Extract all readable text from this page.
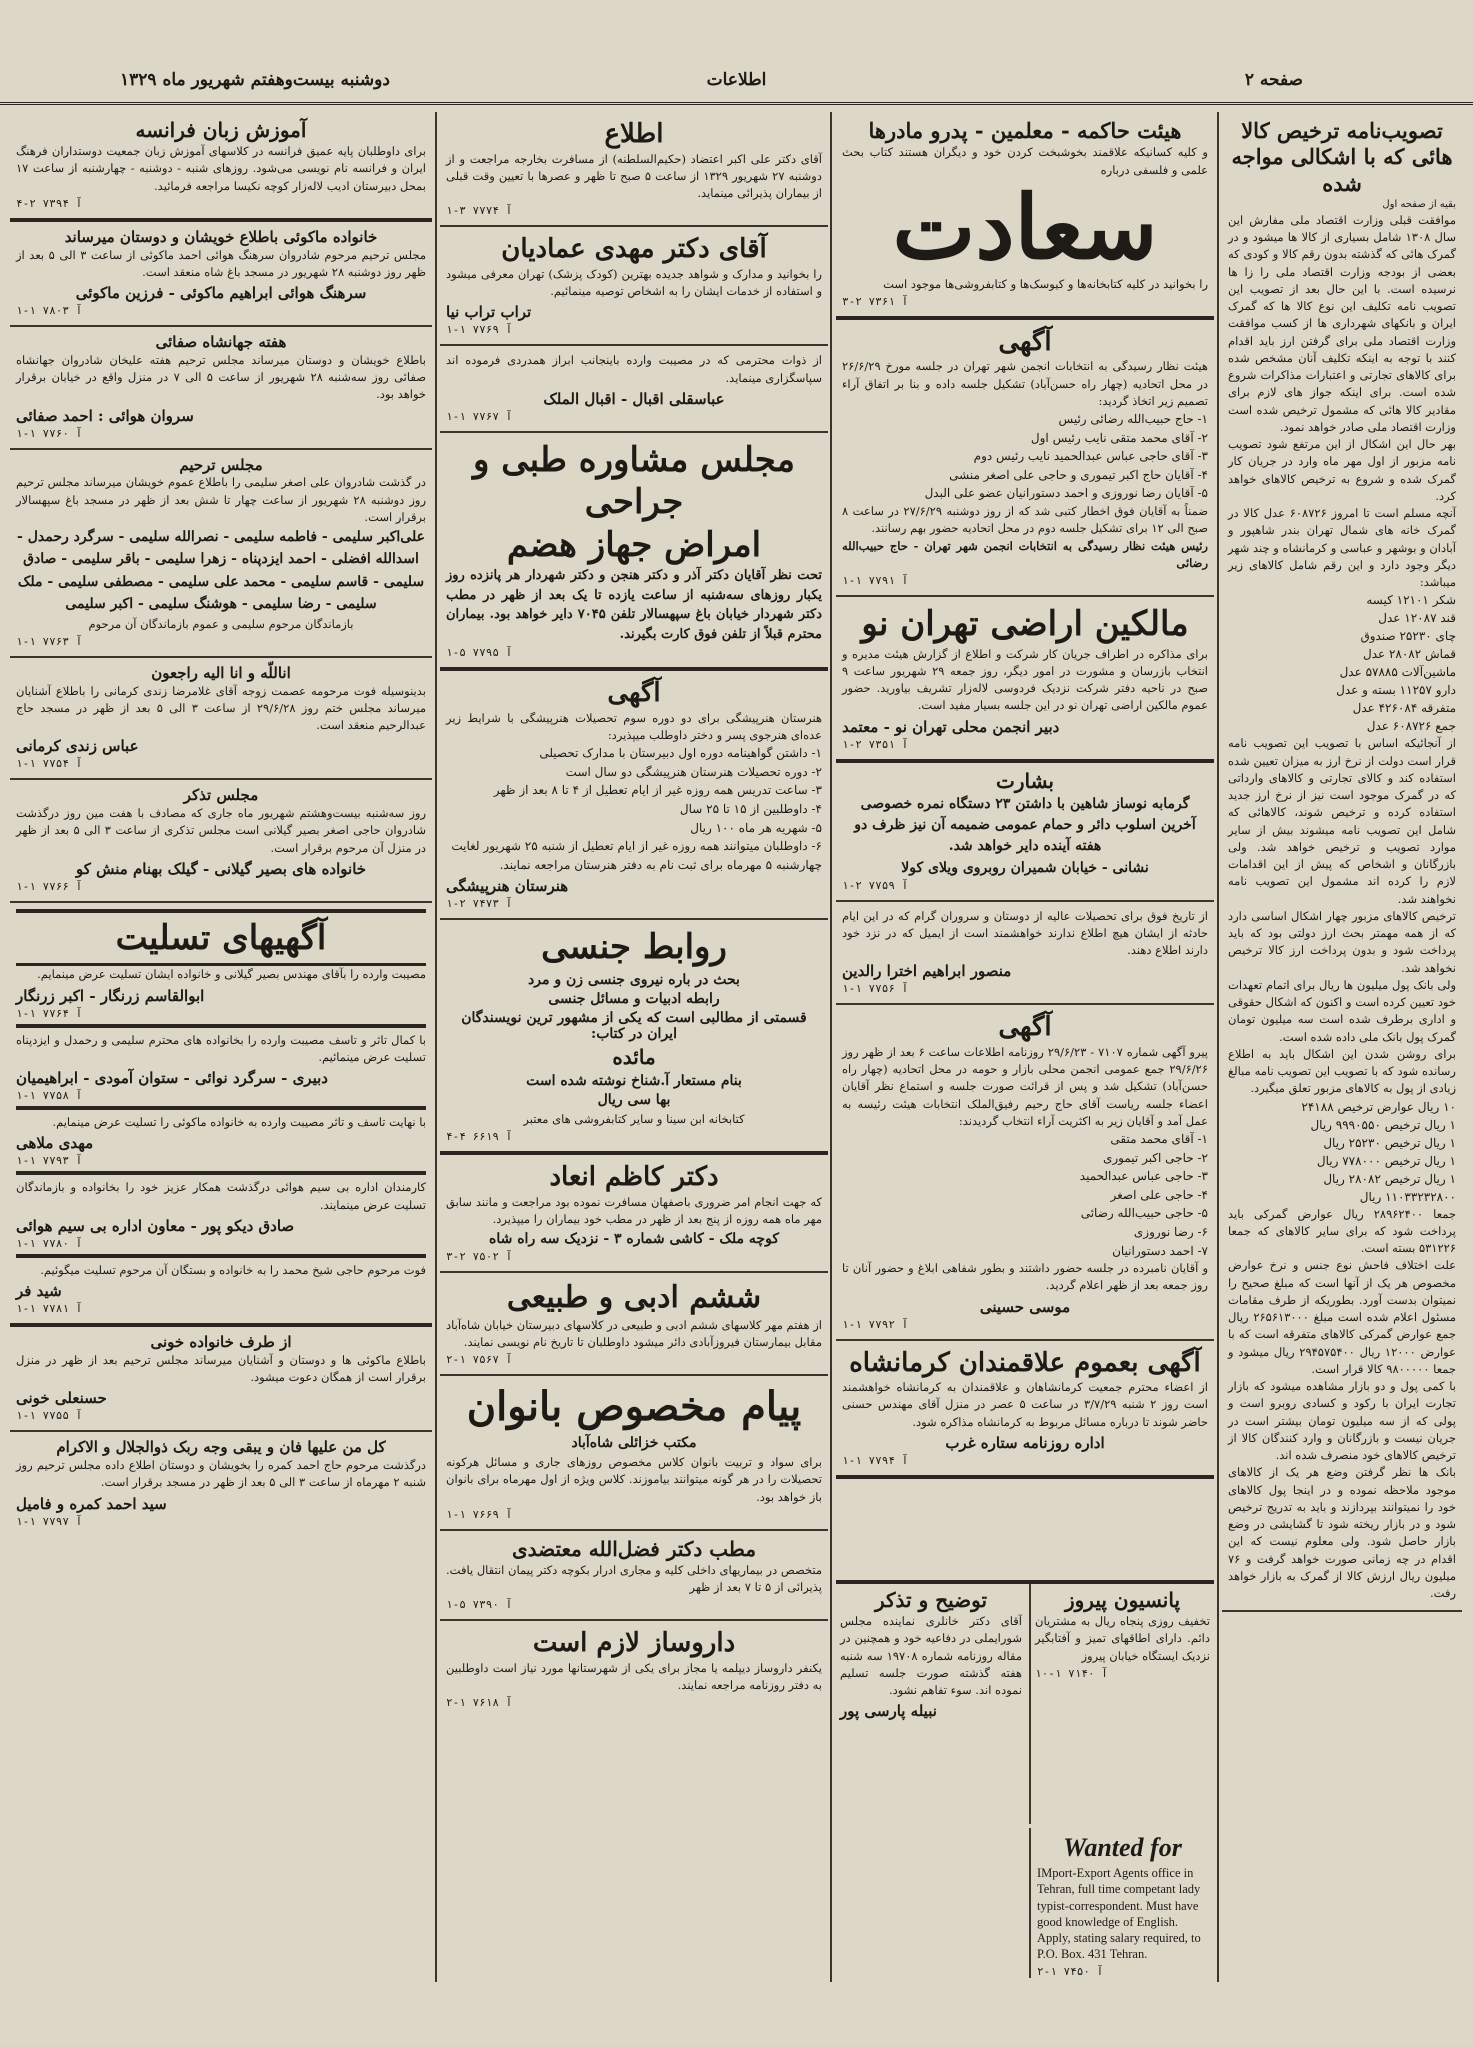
صفحه ۲
اطلاعات
دوشنبه بیست‌وهفتم شهریور ماه ۱۳۲۹
تصویب‌نامه ترخیص کالا
هائی که با اشکالی مواجه شده
بقیه از صفحه اول
موافقت قبلی وزارت اقتصاد ملی مفارش این سال ۱۳۰۸ شامل بسیاری از کالا ها میشود و در گمرک هائی که گذشته بدون رقم کالا و کودی که بعضی از بودجه وزارت اقتصاد ملی را زا ها نرسیده است. با این حال بعد از تصویب این تصویب نامه تکلیف این نوع کالا ها که گمرک ایران و بانکهای شهرداری ها از کسب موافقت وزارت اقتصاد ملی برای گرفتن ارز باید اقدام کنند با توجه به اینکه تکلیف آنان مشخص شده برای کالاهای تجارتی و اعتبارات مذاکرات شروع شده است. برای اینکه جواز های لازم برای مقادیر کالا هائی که مشمول ترخیص شده است وزارت اقتصاد ملی صادر خواهد نمود.
بهر حال این اشکال از این مرتفع شود تصویب نامه مزبور از اول مهر ماه وارد در جریان کار گمرک شده و شروع به ترخیص کالاهای خواهد کرد.
آنچه مسلم است تا امروز ۶۰۸۷۲۶ عدل کالا در گمرک خانه های شمال تهران بندر شاهپور و آبادان و بوشهر و عباسی و کرمانشاه و چند شهر دیگر وجود دارد و این رقم شامل کالاهای زیر میباشد:
شکر ۱۲۱۰۱ کیسه
قند ۱۲۰۸۷ عدل
چای ۲۵۲۳۰ صندوق
قماش ۲۸۰۸۲ عدل
ماشین‌آلات ۵۷۸۸۵ عدل
دارو ۱۱۲۵۷ بسته و عدل
متفرقه ۴۲۶۰۸۴ عدل
جمع ۶۰۸۷۲۶ عدل
از آنجائیکه اساس با تصویب این تصویب نامه قرار است دولت از نرخ ارز به میزان تعیین شده استفاده کند و کالای تجارتی و کالاهای وارداتی که در گمرک موجود است نیز از نرخ ارز جدید استفاده کرده و ترخیص شوند، کالاهائی که شامل این تصویب نامه میشوند بیش از سایر موارد تصویب و ترخیص خواهد شد. ولی بازرگانان و اشخاص که پیش از این اقدامات لازم را کرده اند مشمول این تصویب نامه نخواهند شد.
ترخیص کالاهای مزبور چهار اشکال اساسی دارد که از همه مهمتر بحث ارز دولتی بود که باید پرداخت شود و بدون پرداخت ارز کالا ترخیص نخواهد شد.
ولی بانک پول میلیون ها ریال برای اتمام تعهدات خود تعیین کرده است و اکنون که اشکال حقوقی و اداری برطرف شده است سه میلیون تومان گمرک پول بانک ملی داده شده است.
برای روشن شدن این اشکال باید به اطلاع رسانده شود که با تصویب این تصویب نامه مبالغ زیادی از پول به کالاهای مزبور تعلق میگیرد.
۱۰ ریال عوارض ترخیص ۲۴۱۸۸
۱ ریال ترخیص ۹۹۹۰۵۵۰ ریال
۱ ریال ترخیص ۲۵۲۳۰ ریال
۱ ریال ترخیص ۷۷۸۰۰۰ ریال
۱ ریال ترخیص ۲۸۰۸۲ ریال
۱۱۰۳۳۲۳۲۸۰۰ ریال
جمعا ۲۸۹۶۲۴۰۰ ریال عوارض گمرکی باید پرداخت شود که برای سایر کالاهای که جمعا ۵۳۱۲۲۶ بسته است.
علت اختلاف فاحش نوع جنس و نرخ عوارض مخصوص هر یک از آنها است که مبلغ صحیح را نمیتوان بدست آورد. بطوریکه از طرف مقامات مسئول اعلام شده است مبلغ ۲۶۵۶۱۳۰۰۰ ریال جمع عوارض گمرکی کالاهای متفرقه است که با عوارض ۱۲۰۰۰ ریال ۲۹۴۵۷۵۴۰۰ ریال میشود و جمعا ۹۸۰۰۰۰۰ کالا قرار است.
با کمی پول و دو بازار مشاهده میشود که بازار تجارت ایران با رکود و کسادی روبرو است و پولی که از سه میلیون تومان بیشتر است در جریان نیست و بازرگانان و وارد کنندگان کالا از ترخیص کالاهای خود منصرف شده اند.
بانک ها نظر گرفتن وضع هر یک از کالاهای موجود ملاحظه نموده و در اینجا پول کالاهای خود را نمیتوانند بپردازند و باید به تدریج ترخیص شود و در بازار ریخته شود تا گشایشی در وضع بازار حاصل شود. ولی معلوم نیست که این اقدام در چه زمانی صورت خواهد گرفت و ۷۶ میلیون ریال ارزش کالا از گمرک به بازار خواهد رفت.
هیئت حاکمه - معلمین - پدرو مادرها
و کلیه کسانیکه علاقمند بخوشبخت کردن خود و دیگران هستند کتاب بحث علمی و فلسفی درباره
سعادت
را بخوانید در کلیه کتابخانه‌ها و کیوسک‌ها و کتابفروشی‌ها موجود است
آ ۷۳۶۱ ۲-۳
آگهی
هیئت نظار رسیدگی به انتخابات انجمن شهر تهران در جلسه مورخ ۲۶/۶/۲۹ در محل اتحادیه (چهار راه حسن‌آباد) تشکیل جلسه داده و بنا بر اتفاق آراء تصمیم زیر اتخاذ گردید:
۱- حاج حبیب‌الله رضائی رئیس
۲- آقای محمد متقی نایب رئیس اول
۳- آقای حاجی عباس عبدالحمید نایب رئیس دوم
۴- آقایان حاج اکبر تیموری و حاجی علی اصغر منشی
۵- آقایان رضا نوروزی و احمد دستورانیان عضو علی البدل
ضمناً به آقایان فوق اخطار کتبی شد که از روز دوشنبه ۲۷/۶/۲۹ در ساعت ۸ صبح الی ۱۲ برای تشکیل جلسه دوم در محل اتحادیه حضور بهم رسانند.
رئیس هیئت نظار رسیدگی به انتخابات انجمن شهر تهران - حاج حبیب‌الله رضائی
آ ۷۷۹۱ ۱-۱
مالکین اراضی تهران نو
برای مذاکره در اطراف جریان کار شرکت و اطلاع از گزارش هیئت مدیره و انتخاب بازرسان و مشورت در امور دیگر، روز جمعه ۲۹ شهریور ساعت ۹ صبح در ناحیه دفتر شرکت نزدیک فردوسی لاله‌زار تشریف بیاورید. حضور عموم مالکین اراضی تهران نو در این جلسه بسیار مفید است.
دبیر انجمن محلی تهران نو - معتمد
آ ۷۳۵۱ ۲-۱
بشارت
گرمابه نوساز شاهین با داشتن ۲۳ دستگاه نمره خصوصی آخرین اسلوب دائر و حمام عمومی ضمیمه آن نیز ظرف دو هفته آینده دایر خواهد شد.
نشانی - خیابان شمیران روبروی ویلای کولا
آ ۷۷۵۹ ۲-۱
از تاریخ فوق برای تحصیلات عالیه از دوستان و سروران گرام که در این ایام حادثه از ایشان هیچ اطلاع ندارند خواهشمند است از ایمیل که در نزد خود دارند اطلاع دهند.
منصور ابراهیم اخترا رالدین
آ ۷۷۵۶ ۱-۱
آگهی
پیرو آگهی شماره ۷۱۰۷ - ۲۹/۶/۲۳ روزنامه اطلاعات ساعت ۶ بعد از ظهر روز ۲۹/۶/۲۶ جمع عمومی انجمن محلی بازار و حومه در محل اتحادیه (چهار راه حسن‌آباد) تشکیل شد و پس از قرائت صورت جلسه و استماع نظر آقایان اعضاء جلسه ریاست آقای حاج رحیم رفیق‌الملک انتخابات هیئت رئیسه به عمل آمد و آقایان زیر به اکثریت آراء انتخاب گردیدند:
۱- آقای محمد متقی
۲- حاجی اکبر تیموری
۳- حاجی عباس عبدالحمید
۴- حاجی علی اصغر
۵- حاجی حبیب‌الله رضائی
۶- رضا نوروزی
۷- احمد دستورانیان
و آقایان نامبرده در جلسه حضور داشتند و بطور شفاهی ابلاغ و حضور آنان تا روز جمعه بعد از ظهر اعلام گردید.
موسی حسینی
آ ۷۷۹۲ ۱-۱
آگهی بعموم علاقمندان کرمانشاه
از اعضاء محترم جمعیت کرمانشاهان و علاقمندان به کرمانشاه خواهشمند است روز ۲ شنبه ۳/۷/۲۹ در ساعت ۵ عصر در منزل آقای مهندس حسنی حاضر شوند تا درباره مسائل مربوط به کرمانشاه مذاکره شود.
اداره روزنامه ستاره غرب
آ ۷۷۹۴ ۱-۱
اطلاع
آقای دکتر علی اکبر اعتضاد (حکیم‌السلطنه) از مسافرت بخارجه مراجعت و از دوشنبه ۲۷ شهریور ۱۳۲۹ از ساعت ۵ صبح تا ظهر و عصرها با تعیین وقت قبلی از بیماران پذیرائی مینماید.
آ ۷۷۷۴ ۳-۱
آقای دکتر مهدی عمادیان
را بخوانید و مدارک و شواهد جدیده بهترین (کودک پزشک) تهران معرفی میشود و استفاده از خدمات ایشان را به اشخاص توصیه مینمائیم.
تراب تراب نیا
آ ۷۷۶۹ ۱-۱
از ذوات محترمی که در مصیبت وارده باینجانب ابراز همدردی فرموده اند سپاسگزاری مینماید.
عباسقلی اقبال - اقبال الملک
آ ۷۷۶۷ ۱-۱
مجلس مشاوره طبی و جراحی
امراض جهاز هضم
تحت نظر آقایان دکتر آذر و دکتر هنجن و دکتر شهردار هر پانزده روز یکبار روزهای سه‌شنبه از ساعت یازده تا یک بعد از ظهر در مطب دکتر شهردار خیابان باغ سپهسالار تلفن ۷۰۴۵ دایر خواهد بود. بیماران محترم قبلاً از تلفن فوق کارت بگیرند.
آ ۷۷۹۵ ۵-۱
آگهی
هنرستان هنرپیشگی برای دو دوره سوم تحصیلات هنرپیشگی با شرایط زیر عده‌ای هنرجوی پسر و دختر داوطلب میپذیرد:
۱- داشتن گواهینامه دوره اول دبیرستان با مدارک تحصیلی
۲- دوره تحصیلات هنرستان هنرپیشگی دو سال است
۳- ساعت تدریس همه روزه غیر از ایام تعطیل از ۴ تا ۸ بعد از ظهر
۴- داوطلبین از ۱۵ تا ۲۵ سال
۵- شهریه هر ماه ۱۰۰ ریال
۶- داوطلبان میتوانند همه روزه غیر از ایام تعطیل از شنبه ۲۵ شهریور لغایت چهارشنبه ۵ مهرماه برای ثبت نام به دفتر هنرستان مراجعه نمایند.
هنرستان هنرپیشگی
آ ۷۴۷۳ ۲-۱
روابط جنسی
بحث در باره نیروی جنسی زن و مرد
رابطه ادبیات و مسائل جنسی
قسمتی از مطالبی است که یکی از مشهور ترین نویسندگان ایران در کتاب:
مائده
بنام مستعار آ.شناخ نوشته شده است
بها سی ریال
کتابخانه ابن سینا و سایر کتابفروشی های معتبر
آ ۶۶۱۹ ۴-۴
دکتر کاظم انعاد
که جهت انجام امر ضروری باصفهان مسافرت نموده بود مراجعت و مانند سابق مهر ماه همه روزه از پنج بعد از ظهر در مطب خود بیماران را میپذیرد.
کوچه ملک - کاشی شماره ۳ - نزدیک سه راه شاه
آ ۷۵۰۲ ۲-۳
ششم ادبی و طبیعی
از هفتم مهر کلاسهای ششم ادبی و طبیعی در کلاسهای دبیرستان خیابان شاه‌آباد مقابل بیمارستان فیروزآبادی دائر میشود داوطلبان تا تاریخ نام نویسی نمایند.
آ ۷۵۶۷ ۱-۲
پیام مخصوص بانوان
مکتب خزائلی شاه‌آباد
برای سواد و تربیت بانوان کلاس مخصوص روزهای جاری و مسائل هرکونه تحصیلات را در هر گونه میتوانند بیاموزند. کلاس ویژه از اول مهرماه برای بانوان باز خواهد بود.
آ ۷۶۶۹ ۱-۱
مطب دکتر فضل‌الله معتضدی
متخصص در بیماریهای داخلی کلیه و مجاری ادرار بکوچه دکتر پیمان انتقال یافت. پذیرائی از ۵ تا ۷ بعد از ظهر
آ ۷۳۹۰ ۵-۱
داروساز لازم است
یکنفر داروساز دیپلمه یا مجاز برای یکی از شهرستانها مورد نیاز است داوطلبین به دفتر روزنامه مراجعه نمایند.
آ ۷۶۱۸ ۱-۲
آموزش زبان فرانسه
برای داوطلبان پایه عمیق فرانسه در کلاسهای آموزش زبان جمعیت دوستداران فرهنگ ایران و فرانسه نام نویسی می‌شود. روزهای شنبه - دوشنبه - چهارشنبه از ساعت ۱۷ بمحل دبیرستان ادیب لاله‌زار کوچه نکیسا مراجعه فرمائید.
آ ۷۳۹۴ ۲-۴
خانواده ماکوئی باطلاع خویشان و دوستان میرساند
مجلس ترحیم مرحوم شادروان سرهنگ هوائی احمد ماکوئی از ساعت ۳ الی ۵ بعد از ظهر روز دوشنبه ۲۸ شهریور در مسجد باغ شاه منعقد است.
سرهنگ هوائی ابراهیم ماکوئی - فرزین ماکوئی
آ ۷۸۰۳ ۱-۱
هفته جهانشاه صفائی
باطلاع خویشان و دوستان میرساند مجلس ترحیم هفته علیخان شادروان جهانشاه صفائی روز سه‌شنبه ۲۸ شهریور از ساعت ۵ الی ۷ در منزل واقع در خیابان برقرار خواهد بود.
سروان هوائی : احمد صفائی
آ ۷۷۶۰ ۱-۱
مجلس ترحیم
در گذشت شادروان علی اصغر سلیمی را باطلاع عموم خویشان میرساند مجلس ترحیم روز دوشنبه ۲۸ شهریور از ساعت چهار تا شش بعد از ظهر در مسجد باغ سپهسالار برقرار است.
علی‌اکبر سلیمی - فاطمه سلیمی - نصرالله سلیمی - سرگرد رحمدل - اسدالله افضلی - احمد ایزدپناه - زهرا سلیمی - باقر سلیمی - صادق سلیمی - قاسم سلیمی - محمد علی سلیمی - مصطفی سلیمی - ملک سلیمی - رضا سلیمی - هوشنگ سلیمی - اکبر سلیمی
بازماندگان مرحوم سلیمی و عموم بازماندگان آن مرحوم
آ ۷۷۶۳ ۱-۱
اناللّه و انا الیه راجعون
بدینوسیله فوت مرحومه عصمت زوجه آقای غلامرضا زندی کرمانی را باطلاع آشنایان میرساند مجلس ختم روز ۲۹/۶/۲۸ از ساعت ۳ الی ۵ بعد از ظهر در مسجد حاج عبدالرحیم منعقد است.
عباس زندی کرمانی
آ ۷۷۵۴ ۱-۱
مجلس تذکر
روز سه‌شنبه بیست‌وهشتم شهریور ماه جاری که مصادف با هفت مین روز درگذشت شادروان حاجی اصغر بصیر گیلانی است مجلس تذکری از ساعت ۳ الی ۵ بعد از ظهر در منزل آن مرحوم برقرار است.
خانواده های بصیر گیلانی - گیلک بهنام منش کو
آ ۷۷۶۶ ۱-۱
آگهیهای تسلیت
مصیبت وارده را بآقای مهندس بصیر گیلانی و خانواده ایشان تسلیت عرض مینمایم.
ابوالقاسم زرنگار - اکبر زرنگار
آ ۷۷۶۴ ۱-۱
با کمال تاثر و تاسف مصیبت وارده را بخانواده های محترم سلیمی و رحمدل و ایزدپناه تسلیت عرض مینمائیم.
دبیری - سرگرد نوائی - ستوان آمودی - ابراهیمیان
آ ۷۷۵۸ ۱-۱
با نهایت تاسف و تاثر مصیبت وارده به خانواده ماکوئی را تسلیت عرض مینمایم.
مهدی ملاهی
آ ۷۷۹۳ ۱-۱
کارمندان اداره بی سیم هوائی درگذشت همکار عزیز خود را بخانواده و بازماندگان تسلیت عرض مینمایند.
صادق دیکو پور - معاون اداره بی سیم هوائی
آ ۷۷۸۰ ۱-۱
فوت مرحوم حاجی شیخ محمد را به خانواده و بستگان آن مرحوم تسلیت میگوئیم.
شید فر
آ ۷۷۸۱ ۱-۱
از طرف خانواده خونی
باطلاع ماکوئی ها و دوستان و آشنایان میرساند مجلس ترحیم بعد از ظهر در منزل برقرار است از همگان دعوت میشود.
حسنعلی خونی
آ ۷۷۵۵ ۱-۱
کل من علیها فان و یبقی وجه ربک ذوالجلال و الاکرام
درگذشت مرحوم حاج احمد کمره را بخویشان و دوستان اطلاع داده مجلس ترحیم روز شنبه ۲ مهرماه از ساعت ۳ الی ۵ بعد از ظهر در مسجد برقرار است.
سید احمد کمره و فامیل
آ ۷۷۹۷ ۱-۱
پانسیون پیروز
تخفیف روزی پنجاه ریال به مشتریان دائم. دارای اطاقهای تمیز و آفتابگیر نزدیک ایستگاه خیابان پیروز
آ ۷۱۴۰ ۱-۱۰
توضیح و تذکر
آقای دکتر خانلری نماینده مجلس شورایملی در دفاعیه خود و همچنین در مقاله روزنامه شماره ۱۹۷۰۸ سه شنبه هفته گذشته صورت جلسه تسلیم نموده اند. سوء تفاهم نشود.
نبیله پارسی پور
Wanted for
IMport-Export Agents office in Tehran, full time competant lady typist-correspondent. Must have good knowledge of English. Apply, stating salary required, to P.O. Box. 431 Tehran.
آ ۷۴۵۰ ۱-۲
